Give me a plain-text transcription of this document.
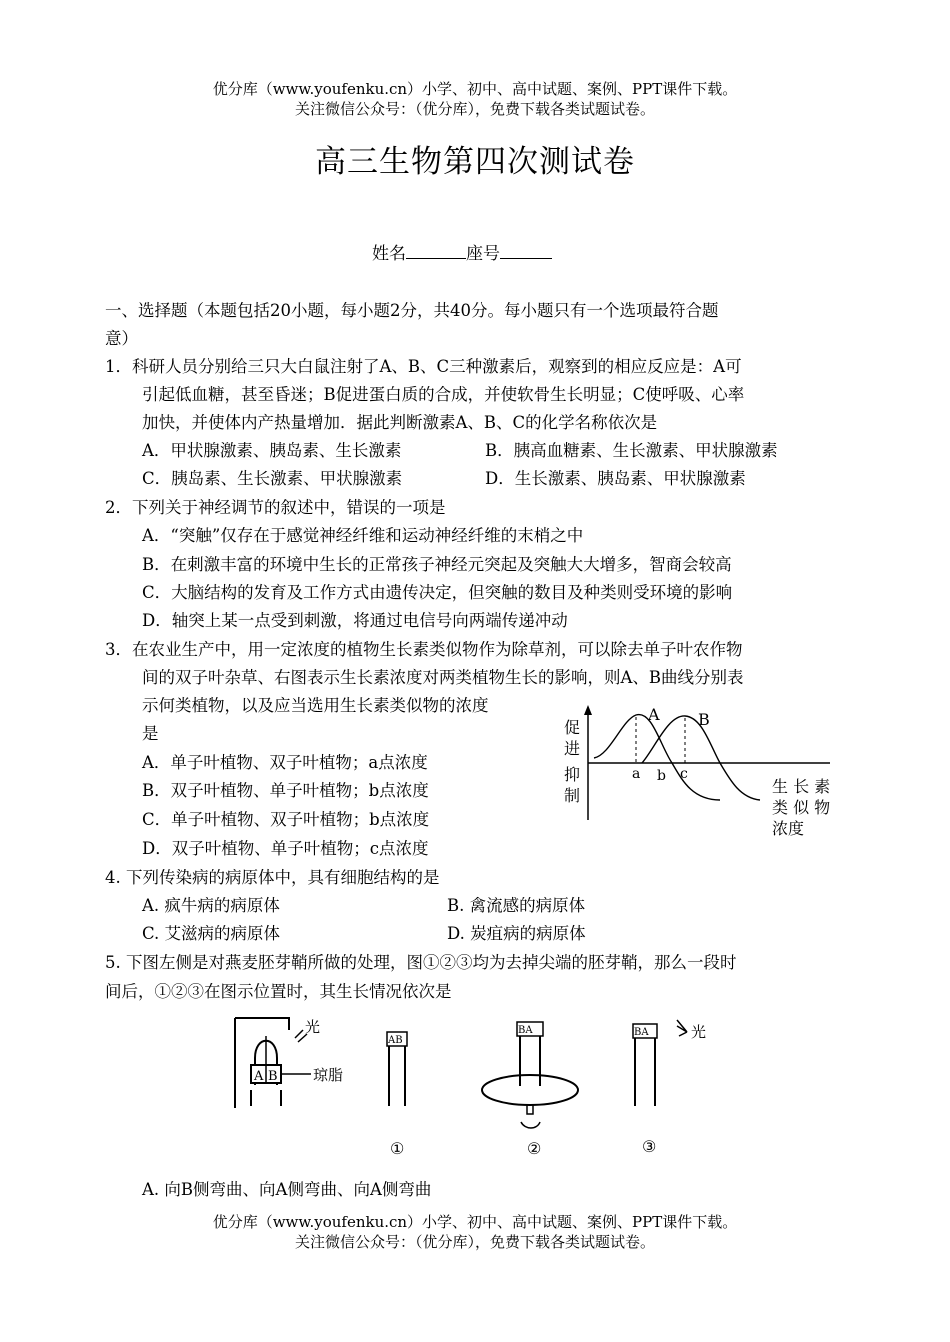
优分库（www.youfenku.cn）小学、初中、高中试题、案例、PPT课件下载。
关注微信公众号：（优分库），免费下载各类试题试卷。
高三生物第四次测试卷
姓名	座号
一、选择题（本题包括20小题，每小题2分，共40分。每小题只有一个选项最符合题
意）
1．科研人员分别给三只大白鼠注射了A、B、C三种激素后，观察到的相应反应是：A可
引起低血糖，甚至昏迷；B促进蛋白质的合成，并使软骨生长明显；C使呼吸、心率
加快，并使体内产热量增加．据此判断激素A、B、C的化学名称依次是
A．甲状腺激素、胰岛素、生长激素	B．胰高血糖素、生长激素、甲状腺激素
C．胰岛素、生长激素、甲状腺激素	D．生长激素、胰岛素、甲状腺激素
2．下列关于神经调节的叙述中，错误的一项是
A．“突触”仅存在于感觉神经纤维和运动神经纤维的末梢之中
B．在刺激丰富的环境中生长的正常孩子神经元突起及突触大大增多，智商会较高
C．大脑结构的发育及工作方式由遗传决定，但突触的数目及种类则受环境的影响
D．轴突上某一点受到刺激，将通过电信号向两端传递冲动
3．在农业生产中，用一定浓度的植物生长素类似物作为除草剂，可以除去单子叶农作物
间的双子叶杂草、右图表示生长素浓度对两类植物生长的影响，则A、B曲线分别表
示何类植物，以及应当选用生长素类似物的浓度
是
A．单子叶植物、双子叶植物；a点浓度
B．双子叶植物、单子叶植物；b点浓度
C．单子叶植物、双子叶植物；b点浓度
D．双子叶植物、单子叶植物；c点浓度
促
进
抑
制
A B
a b c
生 长 素
类 似 物
浓度
4. 下列传染病的病原体中，具有细胞结构的是
A. 疯牛病的病原体	B. 禽流感的病原体
C. 艾滋病的病原体	D. 炭疽病的病原体
5. 下图左侧是对燕麦胚芽鞘所做的处理，图①②③均为去掉尖端的胚芽鞘，那么一段时
间后，①②③在图示位置时，其生长情况依次是
A B 琼脂
光
AB
①
BA
②
BA	光
③
A. 向B侧弯曲、向A侧弯曲、向A侧弯曲
优分库（www.youfenku.cn）小学、初中、高中试题、案例、PPT课件下载。
关注微信公众号：（优分库），免费下载各类试题试卷。
